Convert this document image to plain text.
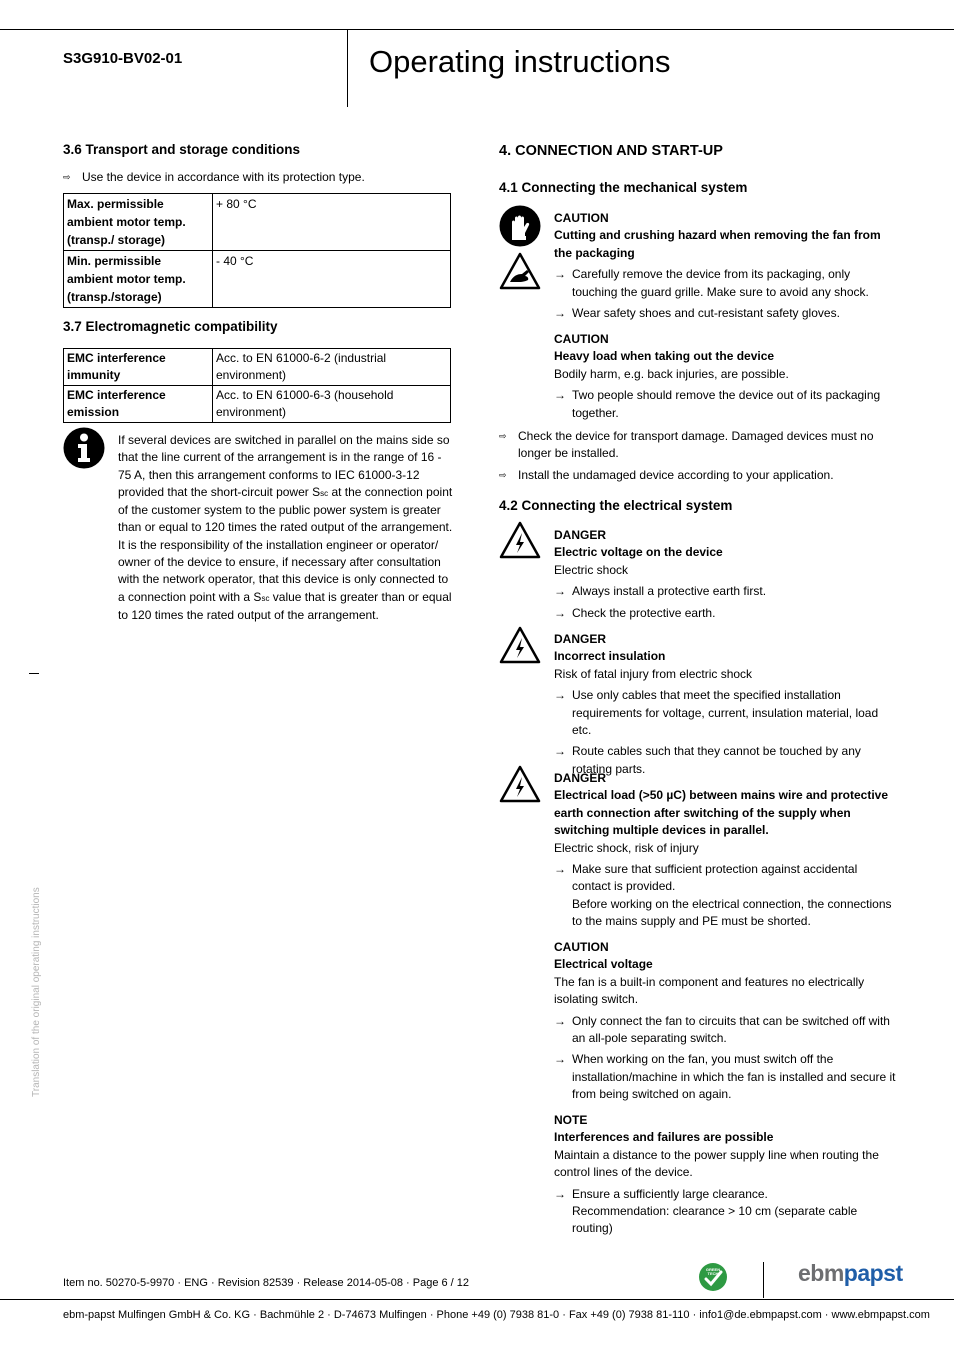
S3G910-BV02-01	Operating instructions
3.6 Transport and storage conditions
⇨ Use the device in accordance with its protection type.
Max. permissible ambient motor temp. (transp./ storage)	+ 80 °C
Min. permissible ambient motor temp. (transp./storage)	- 40 °C
3.7 Electromagnetic compatibility
EMC interference immunity	Acc. to EN 61000-6-2 (industrial environment)
EMC interference emission	Acc. to EN 61000-6-3 (household environment)
If several devices are switched in parallel on the mains side so that the line current of the arrangement is in the range of 16 - 75 A, then this arrangement conforms to IEC 61000-3-12 provided that the short-circuit power Ssc at the connection point of the customer system to the public power system is greater than or equal to 120 times the rated output of the arrangement.
It is the responsibility of the installation engineer or operator/ owner of the device to ensure, if necessary after consultation with the network operator, that this device is only connected to a connection point with a Ssc value that is greater than or equal to 120 times the rated output of the arrangement.
Translation of the original operating instructions
4. CONNECTION AND START-UP
4.1 Connecting the mechanical system
CAUTION
Cutting and crushing hazard when removing the fan from the packaging
→ Carefully remove the device from its packaging, only touching the guard grille. Make sure to avoid any shock.
→ Wear safety shoes and cut-resistant safety gloves.
CAUTION
Heavy load when taking out the device
Bodily harm, e.g. back injuries, are possible.
→ Two people should remove the device out of its packaging together.
⇨ Check the device for transport damage. Damaged devices must no longer be installed.
⇨ Install the undamaged device according to your application.
4.2 Connecting the electrical system
DANGER
Electric voltage on the device
Electric shock
→ Always install a protective earth first.
→ Check the protective earth.
DANGER
Incorrect insulation
Risk of fatal injury from electric shock
→ Use only cables that meet the specified installation requirements for voltage, current, insulation material, load etc.
→ Route cables such that they cannot be touched by any rotating parts.
DANGER
Electrical load (>50 µC) between mains wire and protective earth connection after switching of the supply when switching multiple devices in parallel.
Electric shock, risk of injury
→ Make sure that sufficient protection against accidental contact is provided.
Before working on the electrical connection, the connections to the mains supply and PE must be shorted.
CAUTION
Electrical voltage
The fan is a built-in component and features no electrically isolating switch.
→ Only connect the fan to circuits that can be switched off with an all-pole separating switch.
→ When working on the fan, you must switch off the installation/machine in which the fan is installed and secure it from being switched on again.
NOTE
Interferences and failures are possible
Maintain a distance to the power supply line when routing the control lines of the device.
→ Ensure a sufficiently large clearance.
Recommendation: clearance > 10 cm (separate cable routing)
Item no. 50270-5-9970 · ENG · Revision 82539 · Release 2014-05-08 · Page 6 / 12
GREEN TECH	ebmpapst
ebm-papst Mulfingen GmbH & Co. KG · Bachmühle 2 · D-74673 Mulfingen · Phone +49 (0) 7938 81-0 · Fax +49 (0) 7938 81-110 · info1@de.ebmpapst.com · www.ebmpapst.com
